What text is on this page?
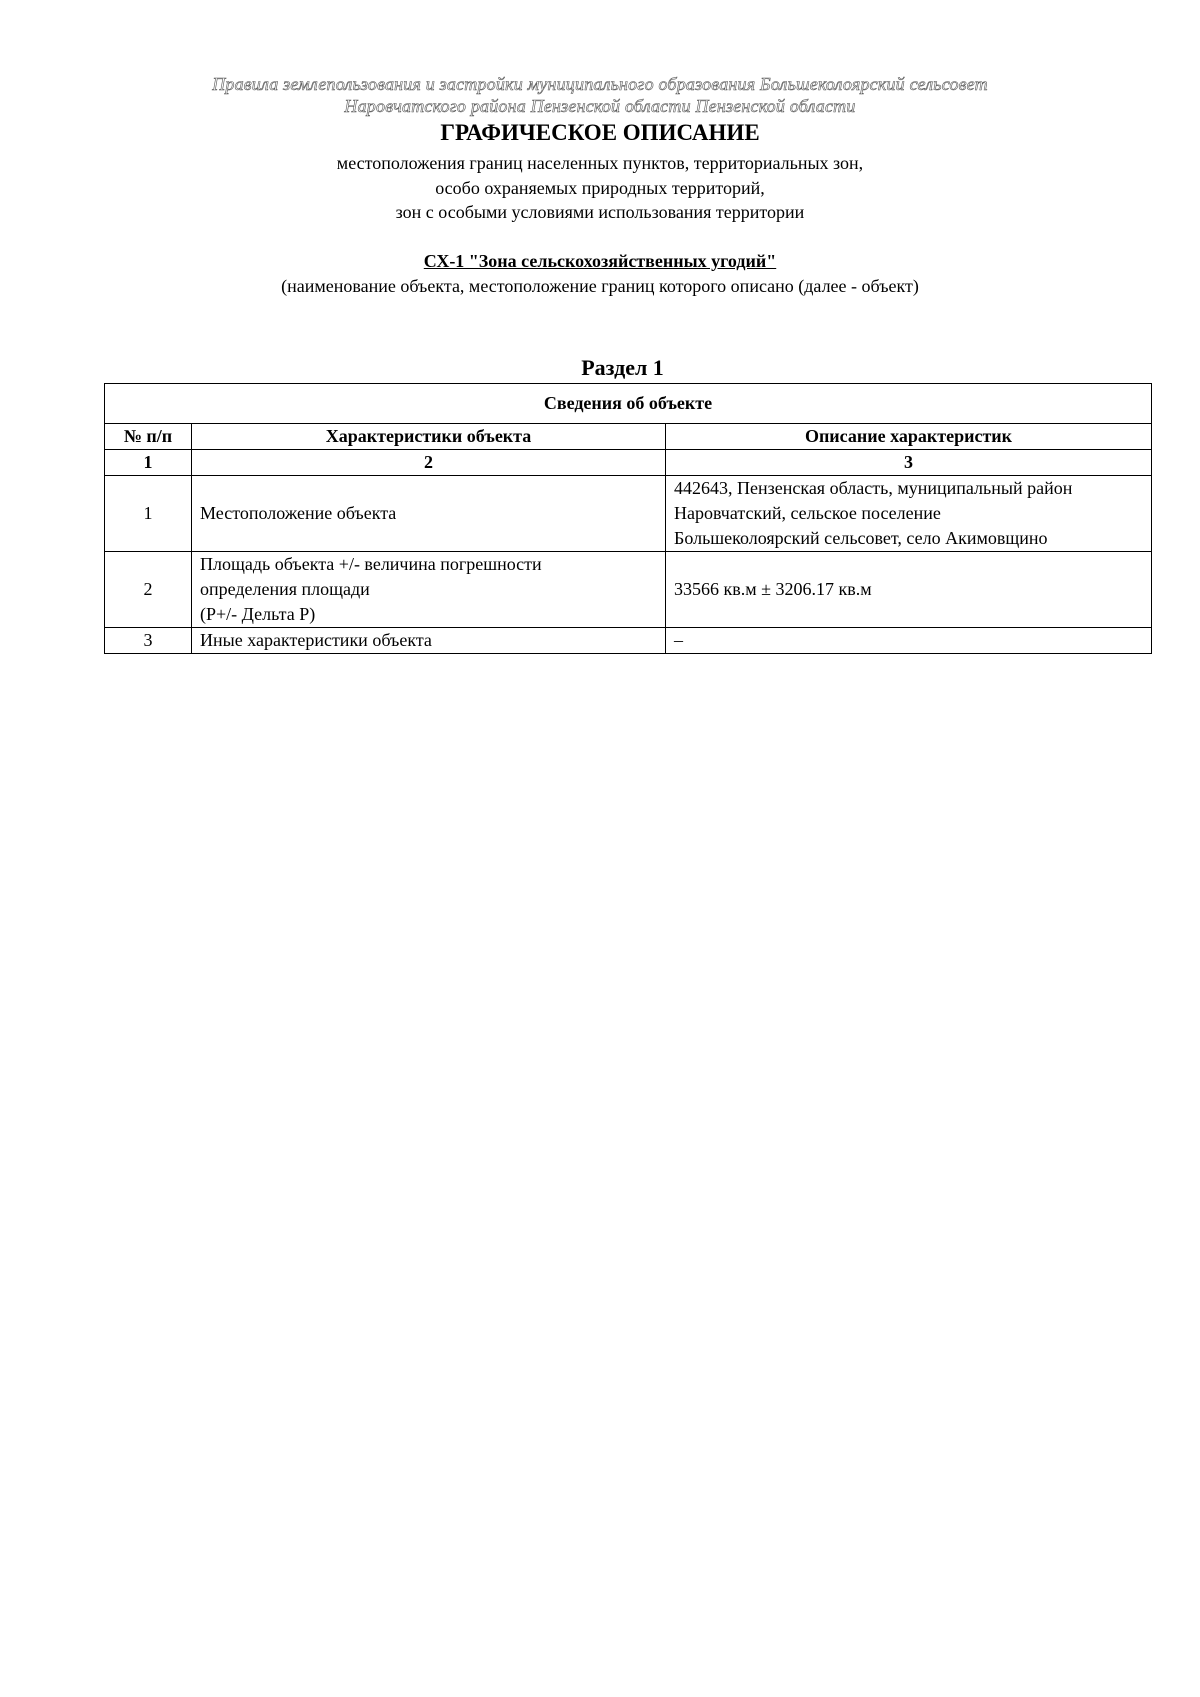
Правила землепользования и застройки муниципального образования Большеколоярский сельсовет
Наровчатского района Пензенской области Пензенской области
ГРАФИЧЕСКОЕ ОПИСАНИЕ
местоположения границ населенных пунктов, территориальных зон,
особо охраняемых природных территорий,
зон с особыми условиями использования территории
СХ-1 "Зона сельскохозяйственных угодий"
(наименование объекта, местоположение границ которого описано (далее - объект)
Раздел 1
Сведения об объекте		
№ п/п	Характеристики объекта	Описание характеристик
1	2	3
1	Местоположение объекта	442643, Пензенская область, муниципальный район
Наровчатский, сельское поселение
Большеколоярский сельсовет, село Акимовщино

2	Площадь объекта +/- величина погрешности
определения площади
(P+/- Дельта P)	33566 кв.м ± 3206.17 кв.м

3	Иные характеристики объекта	–
